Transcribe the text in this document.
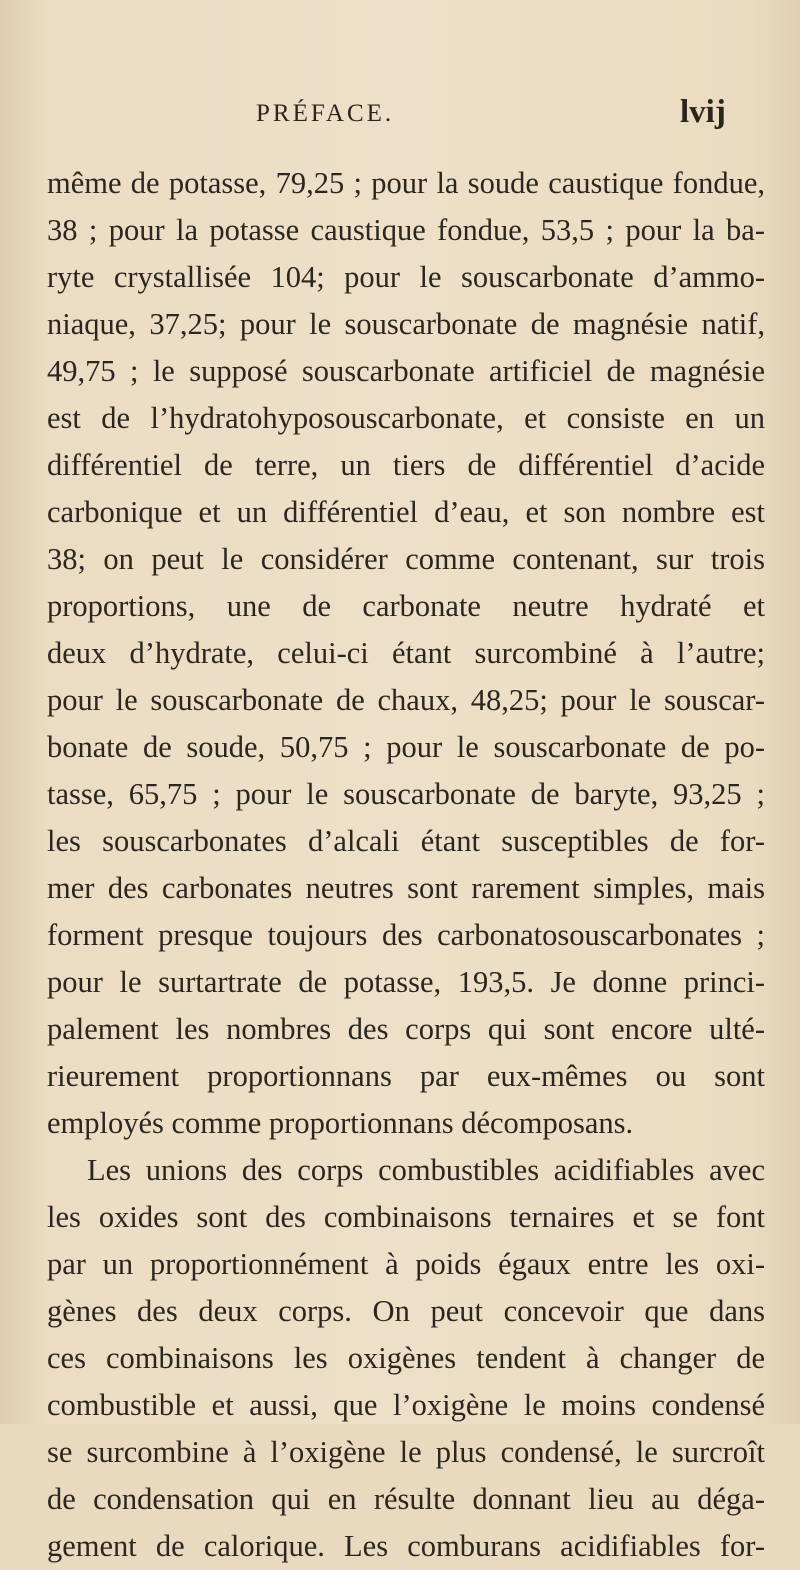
PRÉFACE.	lvij
même de potasse, 79,25 ; pour la soude caustique fondue,
38 ; pour la potasse caustique fondue, 53,5 ; pour la ba-
ryte crystallisée 104; pour le souscarbonate d’ammo-
niaque, 37,25; pour le souscarbonate de magnésie natif,
49,75 ; le supposé souscarbonate artificiel de magnésie
est de l’hydratohyposouscarbonate, et consiste en un
différentiel de terre, un tiers de différentiel d’acide
carbonique et un différentiel d’eau, et son nombre est
38; on peut le considérer comme contenant, sur trois
proportions, une de carbonate neutre hydraté et
deux d’hydrate, celui-ci étant surcombiné à l’autre;
pour le souscarbonate de chaux, 48,25; pour le souscar-
bonate de soude, 50,75 ; pour le souscarbonate de po-
tasse, 65,75 ; pour le souscarbonate de baryte, 93,25 ;
les souscarbonates d’alcali étant susceptibles de for-
mer des carbonates neutres sont rarement simples, mais
forment presque toujours des carbonatosouscarbonates ;
pour le surtartrate de potasse, 193,5. Je donne princi-
palement les nombres des corps qui sont encore ulté-
rieurement proportionnans par eux-mêmes ou sont
employés comme proportionnans décomposans.
Les unions des corps combustibles acidifiables avec
les oxides sont des combinaisons ternaires et se font
par un proportionnément à poids égaux entre les oxi-
gènes des deux corps. On peut concevoir que dans
ces combinaisons les oxigènes tendent à changer de
combustible et aussi, que l’oxigène le moins condensé
se surcombine à l’oxigène le plus condensé, le surcroît
de condensation qui en résulte donnant lieu au déga-
gement de calorique. Les comburans acidifiables for-
